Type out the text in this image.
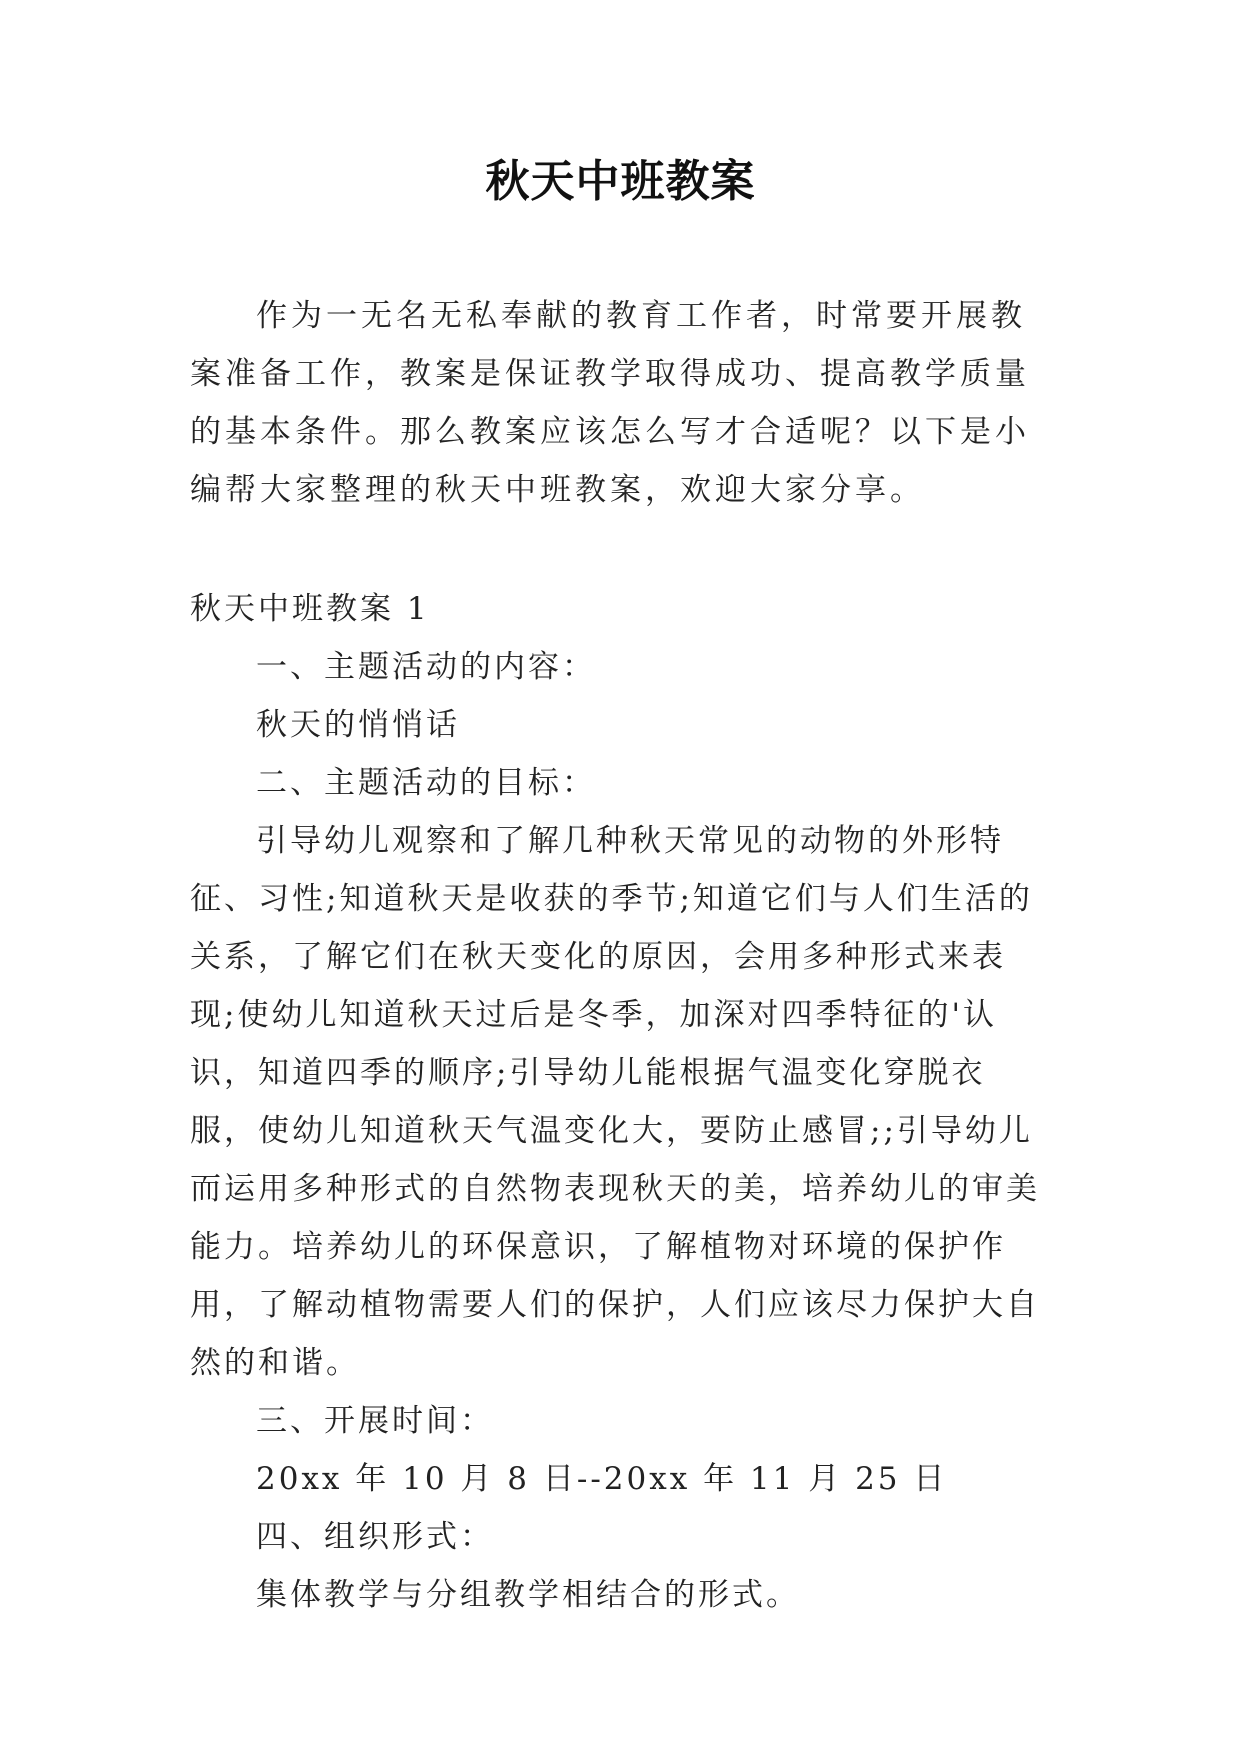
秋天中班教案

作为一无名无私奉献的教育工作者，时常要开展教案准备工作，教案是保证教学取得成功、提高教学质量的基本条件。那么教案应该怎么写才合适呢？以下是小编帮大家整理的秋天中班教案，欢迎大家分享。

秋天中班教案 1

一、主题活动的内容：

秋天的悄悄话

二、主题活动的目标：

引导幼儿观察和了解几种秋天常见的动物的外形特征、习性;知道秋天是收获的季节;知道它们与人们生活的关系，了解它们在秋天变化的原因，会用多种形式来表现;使幼儿知道秋天过后是冬季，加深对四季特征的'认识，知道四季的顺序;引导幼儿能根据气温变化穿脱衣服，使幼儿知道秋天气温变化大，要防止感冒;;引导幼儿而运用多种形式的自然物表现秋天的美，培养幼儿的审美能力。培养幼儿的环保意识，了解植物对环境的保护作用，了解动植物需要人们的保护，人们应该尽力保护大自然的和谐。

三、开展时间：

20xx 年 10 月 8 日--20xx 年 11 月 25 日

四、组织形式：

集体教学与分组教学相结合的形式。
